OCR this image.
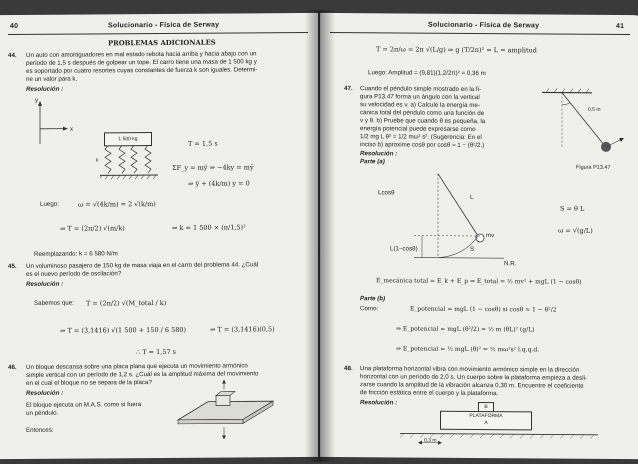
40	Solucionario - Física de Serway
PROBLEMAS ADICIONALES
44. Un auto con amortiguadores en mal estado rebota hacia arriba y hacia abajo con un
período de 1,5 s después de golpear un tope. El carro tiene una masa de 1 500 kg y
es soportado por cuatro resortes cuyas constantes de fuerza k son iguales. Determi-
ne un valor para k.
Resolución :
y
x
1 500 kg
k
T = 1,5 s
ΣF_y = mÿ ⇒ −4ky = mÿ
⇒ ÿ + (4k/m) y = 0
Luego:	ω = √(4k/m) = 2 √(k/m)
⇒ T = (2π/2) √(m/k)	⇒ k = 1 500 × (π/1,5)²
Reemplazando: k = 6 580 N/m
45. Un voluminoso pasajero de 150 kg de masa viaja en el carro del problema 44. ¿Cuál
es el nuevo período de oscilación?
Resolución :
Sabemos que: T = (2π/2) √(M_total / k)
⇒ T = (3,1416) √(1 500 + 150 / 6 580)	⇒ T = (3,1416)(0,5)
∴ T = 1,57 s
46. Un bloque descansa sobre una placa plana que ejecuta un movimiento armónico
simple vertical con un período de 1,2 s. ¿Cuál es la amplitud máxima del movimiento
en el cual el bloque no se separa de la placa?
Resolución :
El bloque ejecuta un M.A.S. como si fuera
un péndulo.
Entonces:
Solucionario - Física de Serway	41
T = 2π/ω = 2π √(L/g) ⇒ g (T/2π)² = L = amplitud
Luego: Amplitud = (9,81)(1,2/2π)² = 0,36 m
47. Cuando el péndulo simple mostrado en la fi-
gura P13.47 forma un ángulo con la vertical
su velocidad es v. a) Calcule la energía me-
cánica total del péndulo como una función de
v y θ. b) Pruebe que cuando θ es pequeña, la
energía potencial puede expresarse como
1/2 mg L θ² = 1/2 mω² s². (Sugerencia: En el
inciso b) aproxime cosθ por cosθ ≈ 1 − (θ²/2.)
0,5 m
v
Figura P13.47
Resolución :
Parte (a)
Lcosθ
L
L(1−cosθ)	S
mv
N.R.
S = θ L
ω = √(g/L)
E_mecánica total = E_k + E_p ⇒ E_total = ½ mv² + mgL (1 − cosθ)
Parte (b)
Como:	E_potencial = mgL (1 − cosθ) si cosθ ≈ 1 − θ²/2
⇒ E_potencial = mgL (θ²/2) = ½ m (θL)² (g/L)
⇒ E_potencial = ½ mgL (θ)² = ½ mω²s² l.q.q.d.
48. Una plataforma horizontal vibra con movimiento armónico simple en la dirección
horizontal con un período de 2,0 s. Un cuerpo sobre la plataforma empieza a desli-
zarse cuando la amplitud de la vibración alcanza 0,30 m. Encuentre el coeficiente
de fricción estática entre el cuerpo y la plataforma.
Resolución :
B
PLATAFORMA
A
0,3 m
